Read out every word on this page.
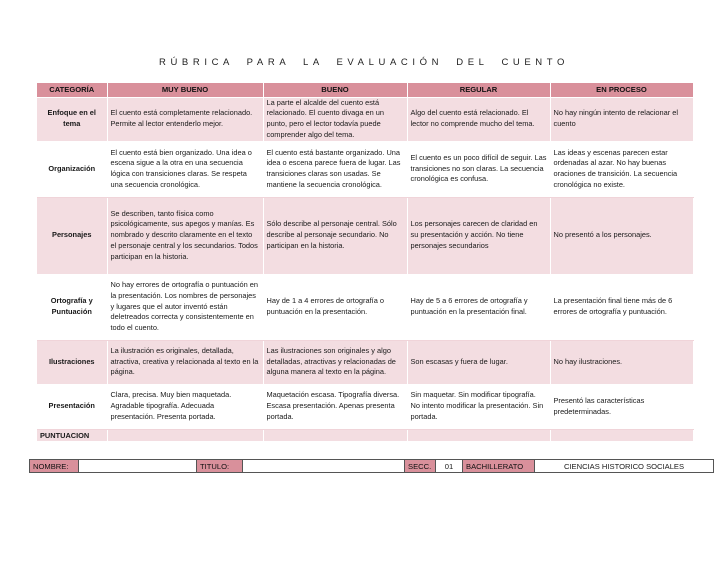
RÚBRICA PARA LA EVALUACIÓN DEL CUENTO
CATEGORÍA	MUY BUENO	BUENO	REGULAR	EN PROCESO
Enfoque en el tema	El cuento está completamente relacionado. Permite al lector entenderlo mejor.	La parte el alcalde del cuento está relacionado. El cuento divaga en un punto, pero el lector todavía puede comprender algo del tema.	Algo del cuento está relacionado. El lector no comprende mucho del tema.	No hay ningún intento de relacionar el cuento
Organización	El cuento está bien organizado. Una idea o escena sigue a la otra en una secuencia lógica con transiciones claras. Se respeta una secuencia cronológica.	El cuento está bastante organizado. Una idea o escena parece fuera de lugar. Las transiciones claras son usadas. Se mantiene la secuencia cronológica.	El cuento es un poco difícil de seguir. Las transiciones no son claras. La secuencia cronológica es confusa.	Las ideas y escenas parecen estar ordenadas al azar. No hay buenas oraciones de transición. La secuencia cronológica no existe.
Personajes	Se describen, tanto física como psicológicamente, sus apegos y manías. Es nombrado y descrito claramente en el texto el personaje central y los secundarios. Todos participan en la historia.	Sólo describe al personaje central. Sólo describe al personaje secundario. No participan en la historia.	Los personajes carecen de claridad en su presentación y acción. No tiene personajes secundarios	No presentó a los personajes.
Ortografía y Puntuación	No hay errores de ortografía o puntuación en la presentación. Los nombres de personajes y lugares que el autor inventó están deletreados correcta y consistentemente en todo el cuento.	Hay de 1 a 4 errores de ortografía o puntuación en la presentación.	Hay de 5 a 6 errores de ortografía y puntuación en la presentación final.	La presentación final tiene más de 6 errores de ortografía y puntuación.
Ilustraciones	La ilustración es originales, detallada, atractiva, creativa y relacionada al texto en la página.	Las ilustraciones son originales y algo detalladas, atractivas y relacionadas de alguna manera al texto en la página.	Son escasas y fuera de lugar.	No hay ilustraciones.
Presentación	Clara, precisa. Muy bien maquetada. Agradable tipografía. Adecuada presentación. Presenta portada.	Maquetación escasa. Tipografía diversa. Escasa presentación. Apenas presenta portada.	Sin maquetar. Sin modificar tipografía. No intento modificar la presentación. Sin portada.	Presentó las características predeterminadas.
PUNTUACION				
NOMBRE:		TITULO:		SECC.	01	BACHILLERATO	CIENCIAS HISTORICO SOCIALES
